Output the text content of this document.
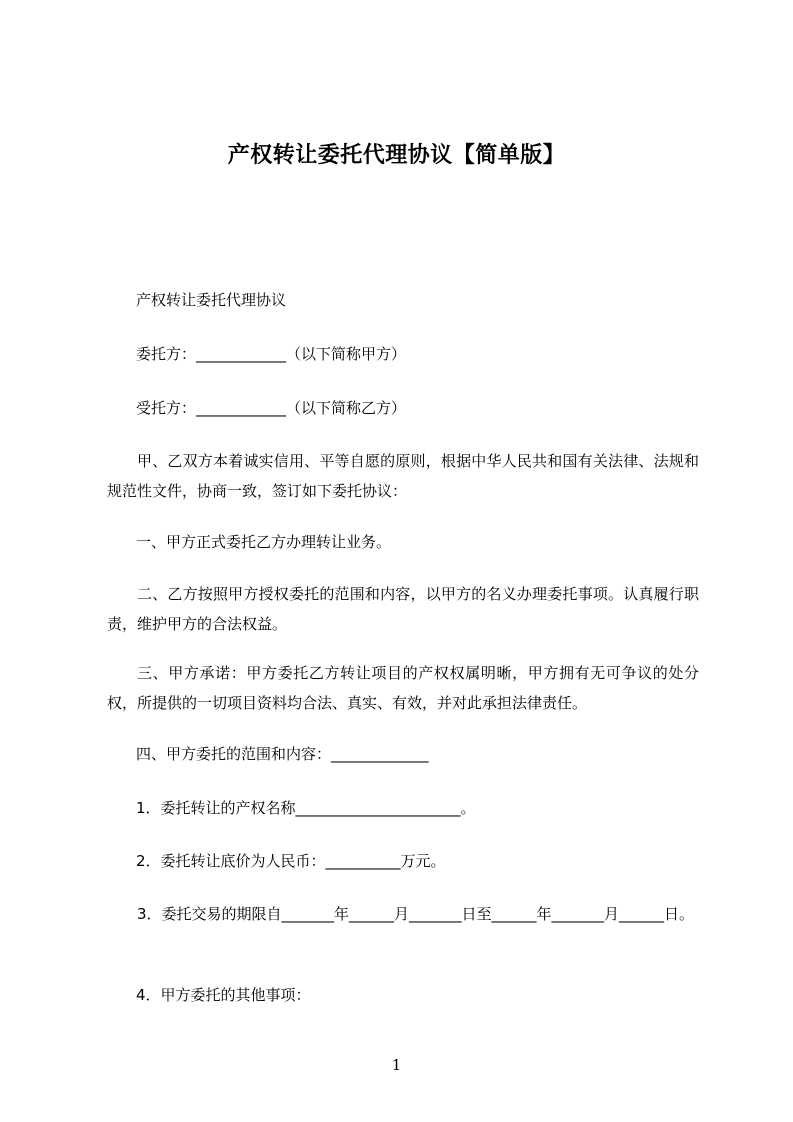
产权转让委托代理协议【简单版】
产权转让委托代理协议
委托方：____________（以下简称甲方）
受托方：____________（以下简称乙方）
甲、乙双方本着诚实信用、平等自愿的原则，根据中华人民共和国有关法律、法规和规范性文件，协商一致，签订如下委托协议：
一、甲方正式委托乙方办理转让业务。
二、乙方按照甲方授权委托的范围和内容，以甲方的名义办理委托事项。认真履行职责，维护甲方的合法权益。
三、甲方承诺：甲方委托乙方转让项目的产权权属明晰，甲方拥有无可争议的处分权，所提供的一切项目资料均合法、真实、有效，并对此承担法律责任。
四、甲方委托的范围和内容：_____________
1．委托转让的产权名称______________________。
2．委托转让底价为人民币：__________万元。
3．委托交易的期限自_______年______月_______日至______年_______月______日。
4．甲方委托的其他事项：
1
